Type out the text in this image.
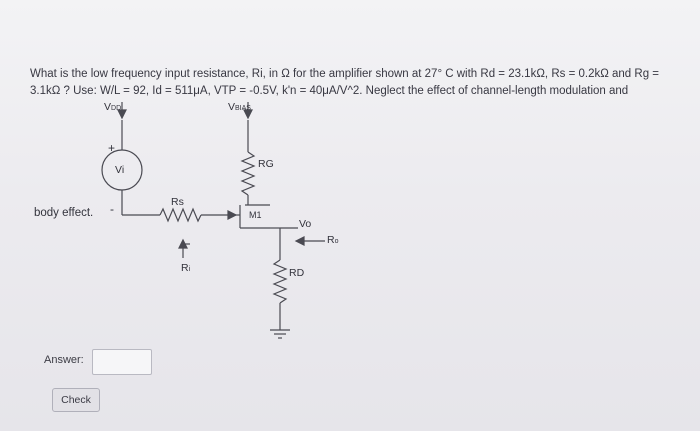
What is the low frequency input resistance, Ri, in Ω for the amplifier shown at 27° C with Rd = 23.1kΩ, Rs = 0.2kΩ and Rg =
3.1kΩ ? Use: W/L = 92, Id = 511μA, VTP = -0.5V, k'n = 40μA/V^2. Neglect the effect of channel-length modulation and
body effect.
VDD	VBIAS
+
-
Vi
Rs
RG
M1
Vo
Ro
RD
Ri
Answer:
Check
